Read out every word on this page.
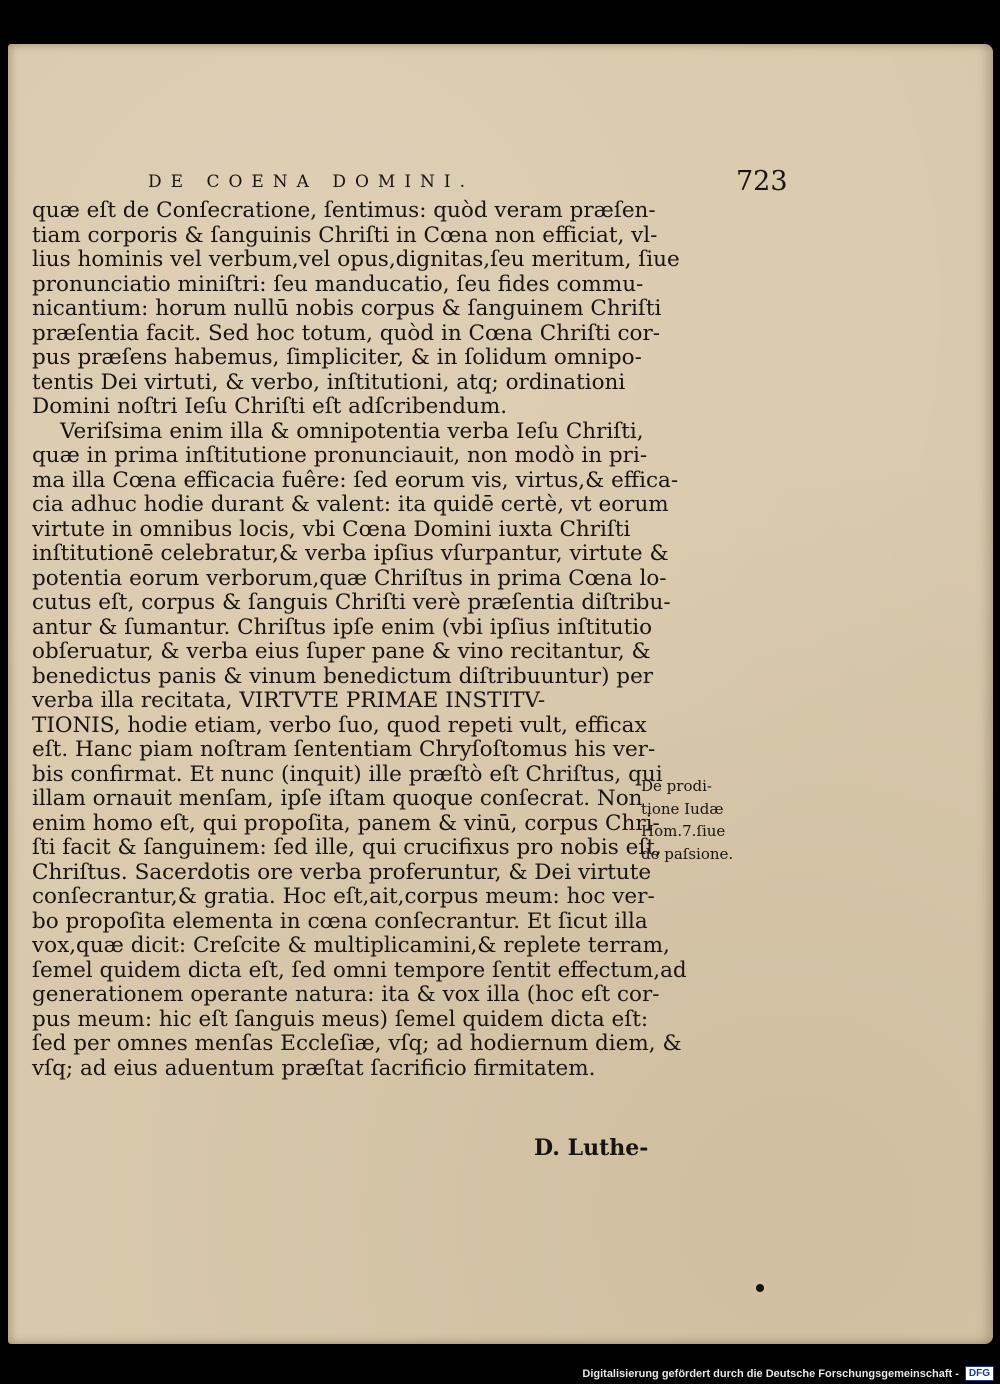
DE COENA DOMINI.	723
quæ eſt de Conſecratione, ſentimus: quòd veram præſen-
tiam corporis & ſanguinis Chriſti in Cœna non efficiat, vl-
lius hominis vel verbum,vel opus,dignitas,ſeu meritum, ſiue
pronunciatio miniſtri: ſeu manducatio, ſeu fides commu-
nicantium: horum nullū nobis corpus & ſanguinem Chriſti
præſentia facit. Sed hoc totum, quòd in Cœna Chriſti cor-
pus præſens habemus, ſimpliciter, & in ſolidum omnipo-
tentis Dei virtuti, & verbo, inſtitutioni, atq; ordinationi
Domini noſtri Ieſu Chriſti eſt adſcribendum.
Veriſsima enim illa & omnipotentia verba Ieſu Chriſti,
quæ in prima inſtitutione pronunciauit, non modò in pri-
ma illa Cœna efficacia fuêre: ſed eorum vis, virtus,& effica-
cia adhuc hodie durant & valent: ita quidē certè, vt eorum
virtute in omnibus locis, vbi Cœna Domini iuxta Chriſti
inſtitutionē celebratur,& verba ipſius vſurpantur, virtute &
potentia eorum verborum,quæ Chriſtus in prima Cœna lo-
cutus eſt, corpus & ſanguis Chriſti verè præſentia diſtribu-
antur & ſumantur. Chriſtus ipſe enim (vbi ipſius inſtitutio
obſeruatur, & verba eius ſuper pane & vino recitantur, &
benedictus panis & vinum benedictum diſtribuuntur) per
verba illa recitata, VIRTVTE PRIMAE INSTITV-
TIONIS, hodie etiam, verbo ſuo, quod repeti vult, efficax
eſt. Hanc piam noſtram ſententiam Chryſoſtomus his ver-
bis confirmat. Et nunc (inquit) ille præſtò eſt Chriſtus, qui
illam ornauit menſam, ipſe iſtam quoque conſecrat. Non
enim homo eſt, qui propoſita, panem & vinū, corpus Chri-
ſti facit & ſanguinem: ſed ille, qui crucifixus pro nobis eſt,
Chriſtus. Sacerdotis ore verba proferuntur, & Dei virtute
conſecrantur,& gratia. Hoc eſt,ait,corpus meum: hoc ver-
bo propoſita elementa in cœna conſecrantur. Et ſicut illa
vox,quæ dicit: Creſcite & multiplicamini,& replete terram,
ſemel quidem dicta eſt, ſed omni tempore ſentit effectum,ad
generationem operante natura: ita & vox illa (hoc eſt cor-
pus meum: hic eſt ſanguis meus) ſemel quidem dicta eſt:
ſed per omnes menſas Eccleſiæ, vſq; ad hodiernum diem, &
vſq; ad eius aduentum præſtat ſacrificio firmitatem.
De prodi-
tione Iudæ
Hom.7.ſiue
de paſsione.
D. Luthe-
Digitalisierung gefördert durch die Deutsche Forschungsgemeinschaft -	DFG
